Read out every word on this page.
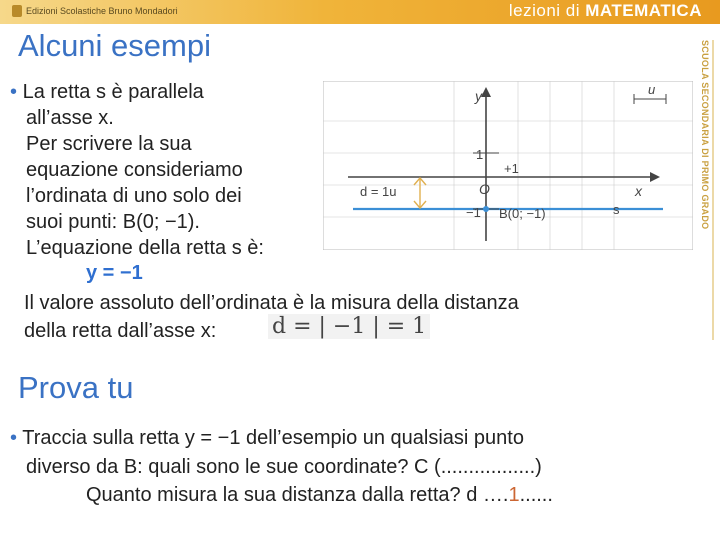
Edizioni Scolastiche Bruno Mondadori	lezioni di MATEMATICA
SCUOLA SECONDARIA DI PRIMO GRADO
Alcuni esempi
• La retta s è parallela
all’asse x.
Per scrivere la sua
equazione consideriamo
l’ordinata di uno solo dei
suoi punti: B(0; −1).
L’equazione della retta s è:
y = −1
Il valore assoluto dell’ordinata è la misura della distanza
della retta dall’asse x:	d = | −1 | = 1
y
x
O
u
1
−1
+1
d = 1u
B(0; −1)	s
Prova tu
• Traccia sulla retta y = −1 dell’esempio un qualsiasi punto
diverso da B: quali sono le sue coordinate? C (.................)
Quanto misura la sua distanza dalla retta? d ….1......
